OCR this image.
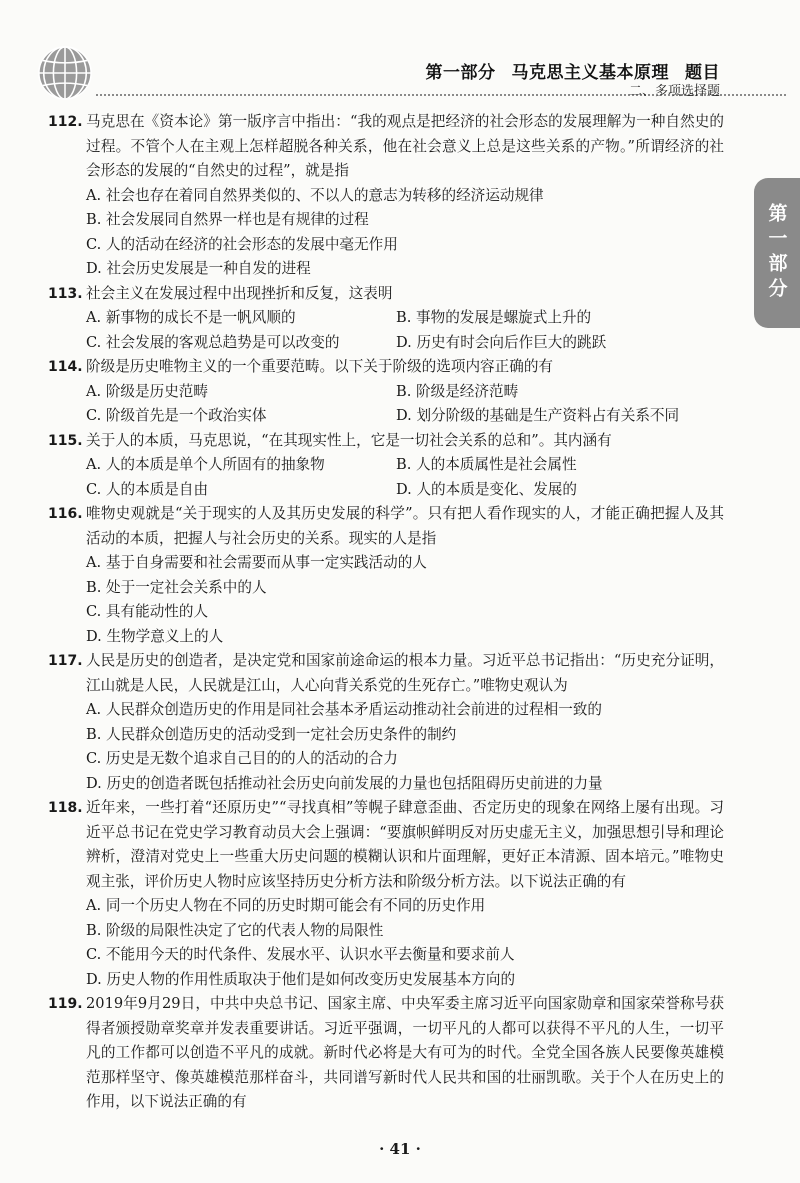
第一部分 马克思主义基本原理 题目
二、多项选择题
第一部分
112. 马克思在《资本论》第一版序言中指出：“我的观点是把经济的社会形态的发展理解为一种自然史的过程。不管个人在主观上怎样超脱各种关系，他在社会意义上总是这些关系的产物。”所谓经济的社会形态的发展的“自然史的过程”，就是指
A. 社会也存在着同自然界类似的、不以人的意志为转移的经济运动规律
B. 社会发展同自然界一样也是有规律的过程
C. 人的活动在经济的社会形态的发展中毫无作用
D. 社会历史发展是一种自发的进程
113. 社会主义在发展过程中出现挫折和反复，这表明
A. 新事物的成长不是一帆风顺的	B. 事物的发展是螺旋式上升的
C. 社会发展的客观总趋势是可以改变的	D. 历史有时会向后作巨大的跳跃
114. 阶级是历史唯物主义的一个重要范畴。以下关于阶级的选项内容正确的有
A. 阶级是历史范畴	B. 阶级是经济范畴
C. 阶级首先是一个政治实体	D. 划分阶级的基础是生产资料占有关系不同
115. 关于人的本质，马克思说，“在其现实性上，它是一切社会关系的总和”。其内涵有
A. 人的本质是单个人所固有的抽象物	B. 人的本质属性是社会属性
C. 人的本质是自由	D. 人的本质是变化、发展的
116. 唯物史观就是“关于现实的人及其历史发展的科学”。只有把人看作现实的人，才能正确把握人及其活动的本质，把握人与社会历史的关系。现实的人是指
A. 基于自身需要和社会需要而从事一定实践活动的人
B. 处于一定社会关系中的人
C. 具有能动性的人
D. 生物学意义上的人
117. 人民是历史的创造者，是决定党和国家前途命运的根本力量。习近平总书记指出：“历史充分证明，江山就是人民，人民就是江山，人心向背关系党的生死存亡。”唯物史观认为
A. 人民群众创造历史的作用是同社会基本矛盾运动推动社会前进的过程相一致的
B. 人民群众创造历史的活动受到一定社会历史条件的制约
C. 历史是无数个追求自己目的的人的活动的合力
D. 历史的创造者既包括推动社会历史向前发展的力量也包括阻碍历史前进的力量
118. 近年来，一些打着“还原历史”“寻找真相”等幌子肆意歪曲、否定历史的现象在网络上屡有出现。习近平总书记在党史学习教育动员大会上强调：“要旗帜鲜明反对历史虚无主义，加强思想引导和理论辨析，澄清对党史上一些重大历史问题的模糊认识和片面理解，更好正本清源、固本培元。”唯物史观主张，评价历史人物时应该坚持历史分析方法和阶级分析方法。以下说法正确的有
A. 同一个历史人物在不同的历史时期可能会有不同的历史作用
B. 阶级的局限性决定了它的代表人物的局限性
C. 不能用今天的时代条件、发展水平、认识水平去衡量和要求前人
D. 历史人物的作用性质取决于他们是如何改变历史发展基本方向的
119. 2019年9月29日，中共中央总书记、国家主席、中央军委主席习近平向国家勋章和国家荣誉称号获得者颁授勋章奖章并发表重要讲话。习近平强调，一切平凡的人都可以获得不平凡的人生，一切平凡的工作都可以创造不平凡的成就。新时代必将是大有可为的时代。全党全国各族人民要像英雄模范那样坚守、像英雄模范那样奋斗，共同谱写新时代人民共和国的壮丽凯歌。关于个人在历史上的作用，以下说法正确的有
· 41 ·
